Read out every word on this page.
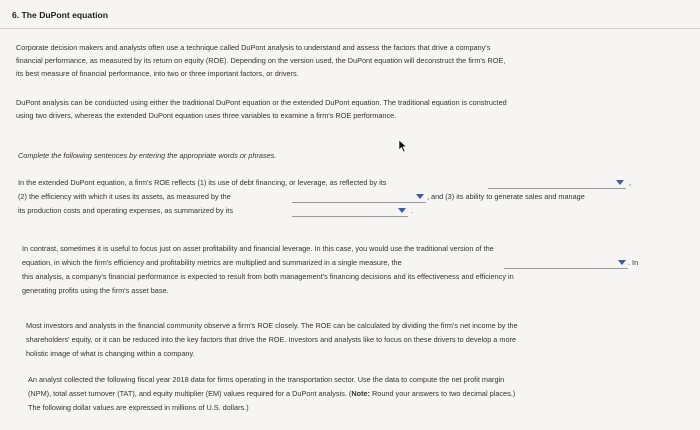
6. The DuPont equation
Corporate decision makers and analysts often use a technique called DuPont analysis to understand and assess the factors that drive a company's
financial performance, as measured by its return on equity (ROE). Depending on the version used, the DuPont equation will deconstruct the firm's ROE,
its best measure of financial performance, into two or three important factors, or drivers.
DuPont analysis can be conducted using either the traditional DuPont equation or the extended DuPont equation. The traditional equation is constructed
using two drivers, whereas the extended DuPont equation uses three variables to examine a firm's ROE performance.
Complete the following sentences by entering the appropriate words or phrases.
In the extended DuPont equation, a firm's ROE reflects (1) its use of debt financing, or leverage, as reflected by its	,
(2) the efficiency with which it uses its assets, as measured by the	, and (3) its ability to generate sales and manage
its production costs and operating expenses, as summarized by its	.
In contrast, sometimes it is useful to focus just on asset profitability and financial leverage. In this case, you would use the traditional version of the
equation, in which the firm's efficiency and profitability metrics are multiplied and summarized in a single measure, the	. In
this analysis, a company's financial performance is expected to result from both management's financing decisions and its effectiveness and efficiency in
generating profits using the firm's asset base.
Most investors and analysts in the financial community observe a firm's ROE closely. The ROE can be calculated by dividing the firm's net income by the
shareholders' equity, or it can be reduced into the key factors that drive the ROE. Investors and analysts like to focus on these drivers to develop a more
holistic image of what is changing within a company.
An analyst collected the following fiscal year 2018 data for firms operating in the transportation sector. Use the data to compute the net profit margin
(NPM), total asset turnover (TAT), and equity multiplier (EM) values required for a DuPont analysis. (Note: Round your answers to two decimal places.)
The following dollar values are expressed in millions of U.S. dollars.)
